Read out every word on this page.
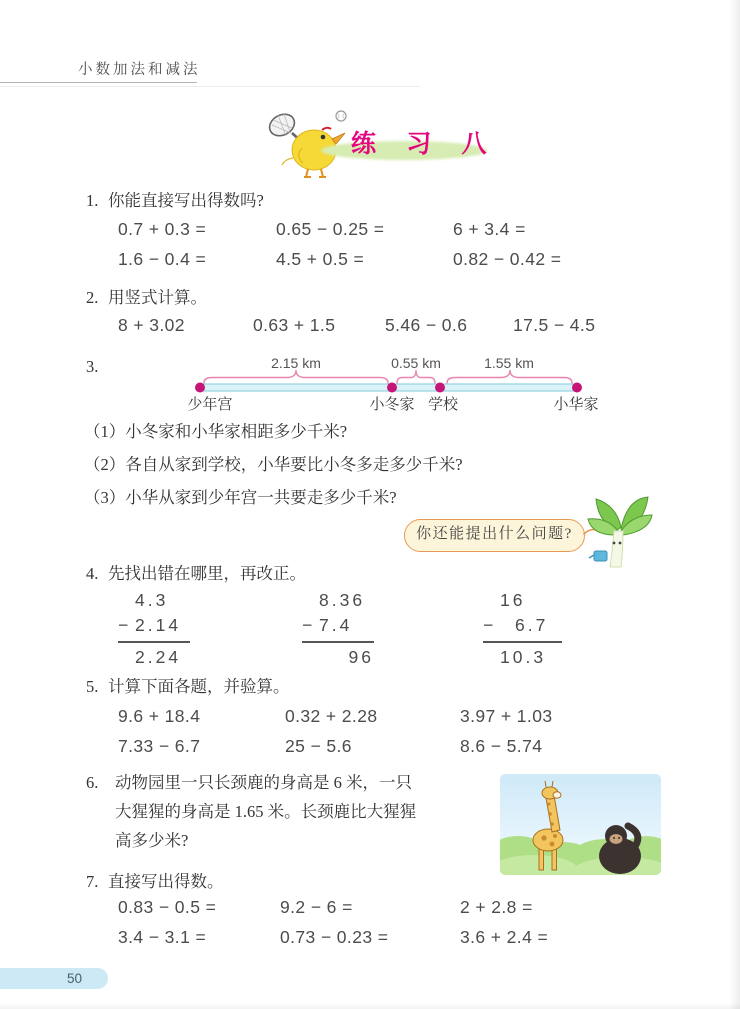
小数加法和减法
练 习 八
1. 你能直接写出得数吗?
0.7 + 0.3 =	0.65 − 0.25 =	6 + 3.4 =
1.6 − 0.4 =	4.5 + 0.5 =	0.82 − 0.42 =
2. 用竖式计算。
8 + 3.02	0.63 + 1.5	5.46 − 0.6	17.5 − 4.5
3.	2.15 km	0.55 km	1.55 km
少年宫	小冬家 学校	小华家
（1）小冬家和小华家相距多少千米?
（2）各自从家到学校，小华要比小冬多走多少千米?
（3）小华从家到少年宫一共要走多少千米?
你还能提出什么问题?
4. 先找出错在哪里，再改正。
4.3
− 2.14
2.24
8.36
− 7.4
96
16
−	6.7
10.3
5. 计算下面各题，并验算。
9.6 + 18.4	0.32 + 2.28	3.97 + 1.03
7.33 − 6.7	25 − 5.6	8.6 − 5.74
6.	动物园里一只长颈鹿的身高是 6 米，一只
大猩猩的身高是 1.65 米。长颈鹿比大猩猩
高多少米?
7. 直接写出得数。
0.83 − 0.5 =	9.2 − 6 =	2 + 2.8 =
3.4 − 3.1 =	0.73 − 0.23 =	3.6 + 2.4 =
50
